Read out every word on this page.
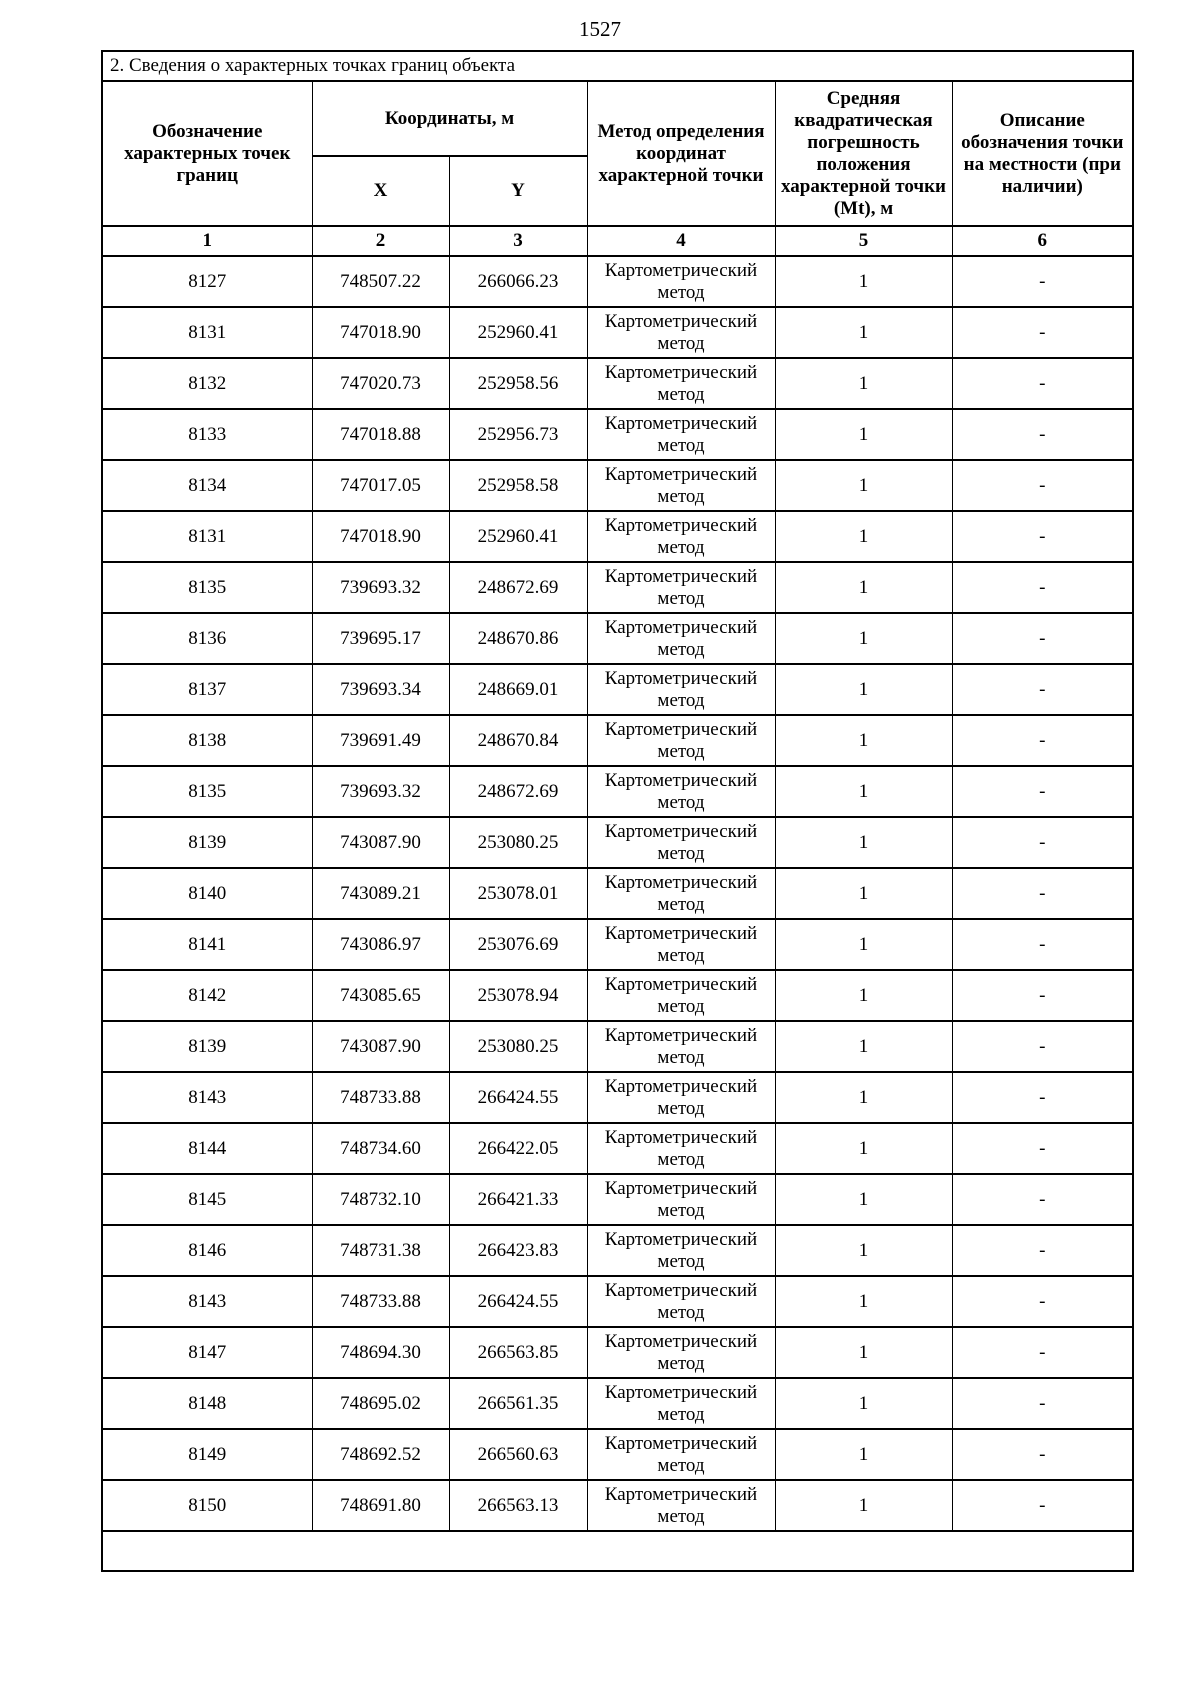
1527
2. Сведения о характерных точках границ объекта					
Обозначение характерных точек границ	Координаты, м		Метод определения координат характерной точки	Средняя квадратическая погрешность положения характерной точки (Mt), м	Описание обозначения точки на местности (при наличии)
	X	Y			
1	2	3	4	5	6
8127	748507.22	266066.23	Картометрический метод	1	-
8131	747018.90	252960.41	Картометрический метод	1	-
8132	747020.73	252958.56	Картометрический метод	1	-
8133	747018.88	252956.73	Картометрический метод	1	-
8134	747017.05	252958.58	Картометрический метод	1	-
8131	747018.90	252960.41	Картометрический метод	1	-
8135	739693.32	248672.69	Картометрический метод	1	-
8136	739695.17	248670.86	Картометрический метод	1	-
8137	739693.34	248669.01	Картометрический метод	1	-
8138	739691.49	248670.84	Картометрический метод	1	-
8135	739693.32	248672.69	Картометрический метод	1	-
8139	743087.90	253080.25	Картометрический метод	1	-
8140	743089.21	253078.01	Картометрический метод	1	-
8141	743086.97	253076.69	Картометрический метод	1	-
8142	743085.65	253078.94	Картометрический метод	1	-
8139	743087.90	253080.25	Картометрический метод	1	-
8143	748733.88	266424.55	Картометрический метод	1	-
8144	748734.60	266422.05	Картометрический метод	1	-
8145	748732.10	266421.33	Картометрический метод	1	-
8146	748731.38	266423.83	Картометрический метод	1	-
8143	748733.88	266424.55	Картометрический метод	1	-
8147	748694.30	266563.85	Картометрический метод	1	-
8148	748695.02	266561.35	Картометрический метод	1	-
8149	748692.52	266560.63	Картометрический метод	1	-
8150	748691.80	266563.13	Картометрический метод	1	-
